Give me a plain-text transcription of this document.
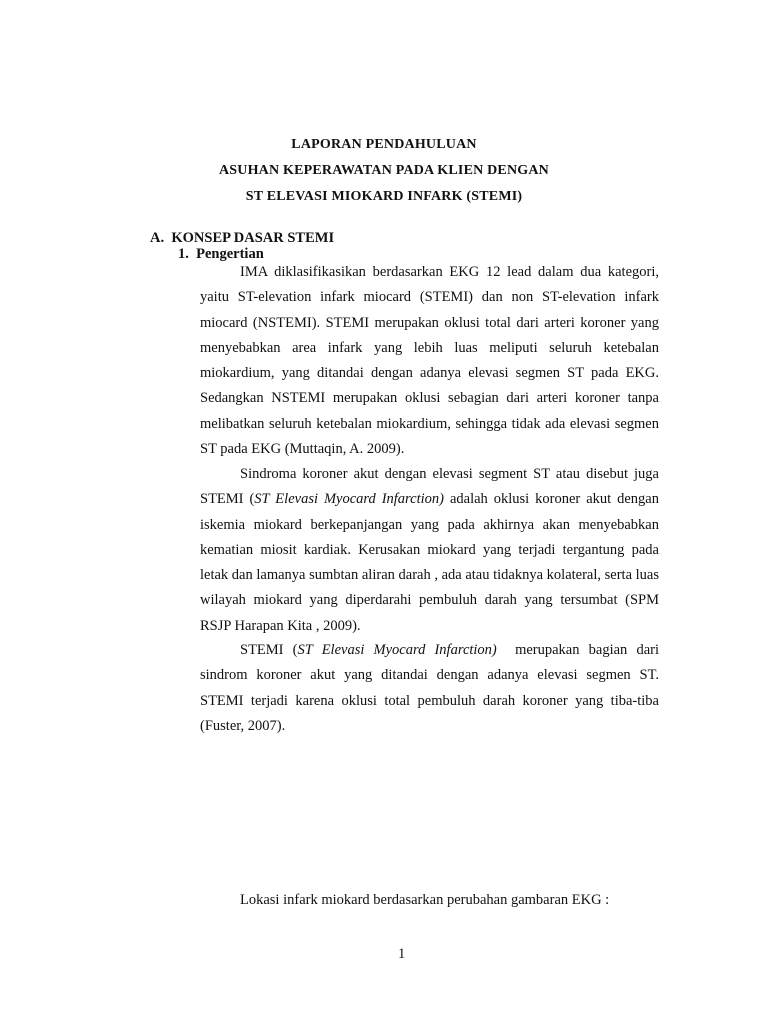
LAPORAN PENDAHULUAN
ASUHAN KEPERAWATAN PADA KLIEN DENGAN
ST ELEVASI MIOKARD INFARK (STEMI)
A.  KONSEP DASAR STEMI
1.  Pengertian

IMA diklasifikasikan berdasarkan EKG 12 lead dalam dua kategori, yaitu ST-elevation infark miocard (STEMI) dan non ST-elevation infark miocard (NSTEMI). STEMI merupakan oklusi total dari arteri koroner yang menyebabkan area infark yang lebih luas meliputi seluruh ketebalan miokardium, yang ditandai dengan adanya elevasi segmen ST pada EKG. Sedangkan NSTEMI merupakan oklusi sebagian dari arteri koroner tanpa melibatkan seluruh ketebalan miokardium, sehingga tidak ada elevasi segmen ST pada EKG (Muttaqin, A. 2009).

Sindroma koroner akut dengan elevasi segment ST atau disebut juga STEMI (ST Elevasi Myocard Infarction) adalah oklusi koroner akut dengan iskemia miokard berkepanjangan yang pada akhirnya akan menyebabkan kematian miosit kardiak. Kerusakan miokard yang terjadi tergantung pada letak dan lamanya sumbtan aliran darah , ada atau tidaknya kolateral, serta luas wilayah miokard yang diperdarahi pembuluh darah yang tersumbat (SPM RSJP Harapan Kita , 2009).

STEMI (ST Elevasi Myocard Infarction)  merupakan bagian dari sindrom koroner akut yang ditandai dengan adanya elevasi segmen ST. STEMI terjadi karena oklusi total pembuluh darah koroner yang tiba-tiba (Fuster, 2007).

Lokasi infark miokard berdasarkan perubahan gambaran EKG :
1
